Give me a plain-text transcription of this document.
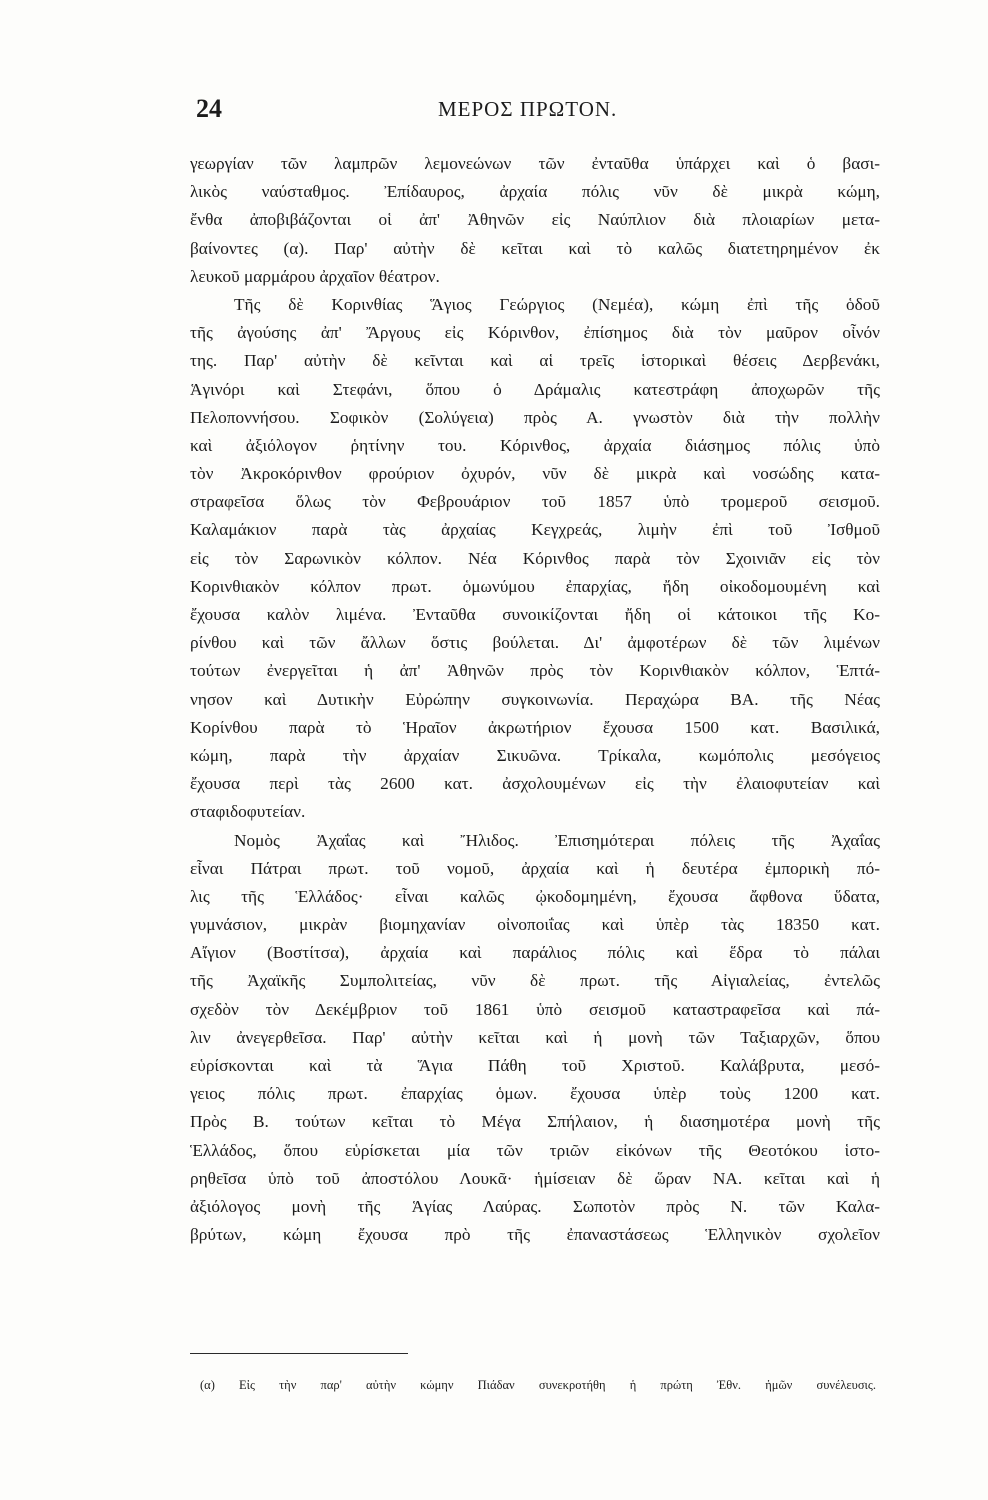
24	ΜΕΡΟΣ ΠΡΩΤΟΝ.
γεωργίαν τῶν λαμπρῶν λεμονεώνων τῶν ἐνταῦθα ὑπάρχει καὶ ὁ βασι-
λικὸς ναύσταθμος. Ἐπίδαυρος, ἀρχαία πόλις νῦν δὲ μικρὰ κώμη,
ἔνθα ἀποβιβάζονται οἱ ἀπ' Ἀθηνῶν εἰς Ναύπλιον διὰ πλοιαρίων μετα-
βαίνοντες (α). Παρ' αὐτὴν δὲ κεῖται καὶ τὸ καλῶς διατετηρημένον ἐκ
λευκοῦ μαρμάρου ἀρχαῖον θέατρον.
Τῆς δὲ Κορινθίας Ἅγιος Γεώργιος (Νεμέα), κώμη ἐπὶ τῆς ὁδοῦ
τῆς ἀγούσης ἀπ' Ἄργους εἰς Κόρινθον, ἐπίσημος διὰ τὸν μαῦρον οἶνόν
της. Παρ' αὐτὴν δὲ κεῖνται καὶ αἱ τρεῖς ἱστορικαὶ θέσεις Δερβενάκι,
Ἁγινόρι καὶ Στεφάνι, ὅπου ὁ Δράμαλις κατεστράφη ἀποχωρῶν τῆς
Πελοποννήσου. Σοφικὸν (Σολύγεια) πρὸς Α. γνωστὸν διὰ τὴν πολλὴν
καὶ ἀξιόλογον ῥητίνην του. Κόρινθος, ἀρχαία διάσημος πόλις ὑπὸ
τὸν Ἀκροκόρινθον φρούριον ὀχυρόν, νῦν δὲ μικρὰ καὶ νοσώδης κατα-
στραφεῖσα ὅλως τὸν Φεβρουάριον τοῦ 1857 ὑπὸ τρομεροῦ σεισμοῦ.
Καλαμάκιον παρὰ τὰς ἀρχαίας Κεγχρεάς, λιμὴν ἐπὶ τοῦ Ἰσθμοῦ
εἰς τὸν Σαρωνικὸν κόλπον. Νέα Κόρινθος παρὰ τὸν Σχοινιᾶν εἰς τὸν
Κορινθιακὸν κόλπον πρωτ. ὁμωνύμου ἐπαρχίας, ἤδη οἰκοδομουμένη καὶ
ἔχουσα καλὸν λιμένα. Ἐνταῦθα συνοικίζονται ἤδη οἱ κάτοικοι τῆς Κο-
ρίνθου καὶ τῶν ἄλλων ὅστις βούλεται. Δι' ἀμφοτέρων δὲ τῶν λιμένων
τούτων ἐνεργεῖται ἡ ἀπ' Ἀθηνῶν πρὸς τὸν Κορινθιακὸν κόλπον, Ἑπτά-
νησον καὶ Δυτικὴν Εὐρώπην συγκοινωνία. Περαχώρα ΒΑ. τῆς Νέας
Κορίνθου παρὰ τὸ Ἡραῖον ἀκρωτήριον ἔχουσα 1500 κατ. Βασιλικά,
κώμη, παρὰ τὴν ἀρχαίαν Σικυῶνα. Τρίκαλα, κωμόπολις μεσόγειος
ἔχουσα περὶ τὰς 2600 κατ. ἀσχολουμένων εἰς τὴν ἐλαιοφυτείαν καὶ
σταφιδοφυτείαν.
Νομὸς Ἀχαΐας καὶ Ἤλιδος. Ἐπισημότεραι πόλεις τῆς Ἀχαΐας
εἶναι Πάτραι πρωτ. τοῦ νομοῦ, ἀρχαία καὶ ἡ δευτέρα ἐμπορικὴ πό-
λις τῆς Ἑλλάδος· εἶναι καλῶς ᾠκοδομημένη, ἔχουσα ἄφθονα ὕδατα,
γυμνάσιον, μικρὰν βιομηχανίαν οἰνοποιΐας καὶ ὑπὲρ τὰς 18350 κατ.
Αἴγιον (Βοστίτσα), ἀρχαία καὶ παράλιος πόλις καὶ ἕδρα τὸ πάλαι
τῆς Ἀχαϊκῆς Συμπολιτείας, νῦν δὲ πρωτ. τῆς Αἰγιαλείας, ἐντελῶς
σχεδὸν τὸν Δεκέμβριον τοῦ 1861 ὑπὸ σεισμοῦ καταστραφεῖσα καὶ πά-
λιν ἀνεγερθεῖσα. Παρ' αὐτὴν κεῖται καὶ ἡ μονὴ τῶν Ταξιαρχῶν, ὅπου
εὑρίσκονται καὶ τὰ Ἅγια Πάθη τοῦ Χριστοῦ. Καλάβρυτα, μεσό-
γειος πόλις πρωτ. ἐπαρχίας ὁμων. ἔχουσα ὑπὲρ τοὺς 1200 κατ.
Πρὸς Β. τούτων κεῖται τὸ Μέγα Σπήλαιον, ἡ διασημοτέρα μονὴ τῆς
Ἑλλάδος, ὅπου εὑρίσκεται μία τῶν τριῶν εἰκόνων τῆς Θεοτόκου ἱστο-
ρηθεῖσα ὑπὸ τοῦ ἀποστόλου Λουκᾶ· ἡμίσειαν δὲ ὥραν ΝΑ. κεῖται καὶ ἡ
ἀξιόλογος μονὴ τῆς Ἁγίας Λαύρας. Σωποτὸν πρὸς Ν. τῶν Καλα-
βρύτων, κώμη ἔχουσα πρὸ τῆς ἐπαναστάσεως Ἑλληνικὸν σχολεῖον
(α) Εἰς τὴν παρ' αὐτὴν κώμην Πιάδαν συνεκροτήθη ἡ πρώτη Ἐθν. ἡμῶν συνέλευσις.
